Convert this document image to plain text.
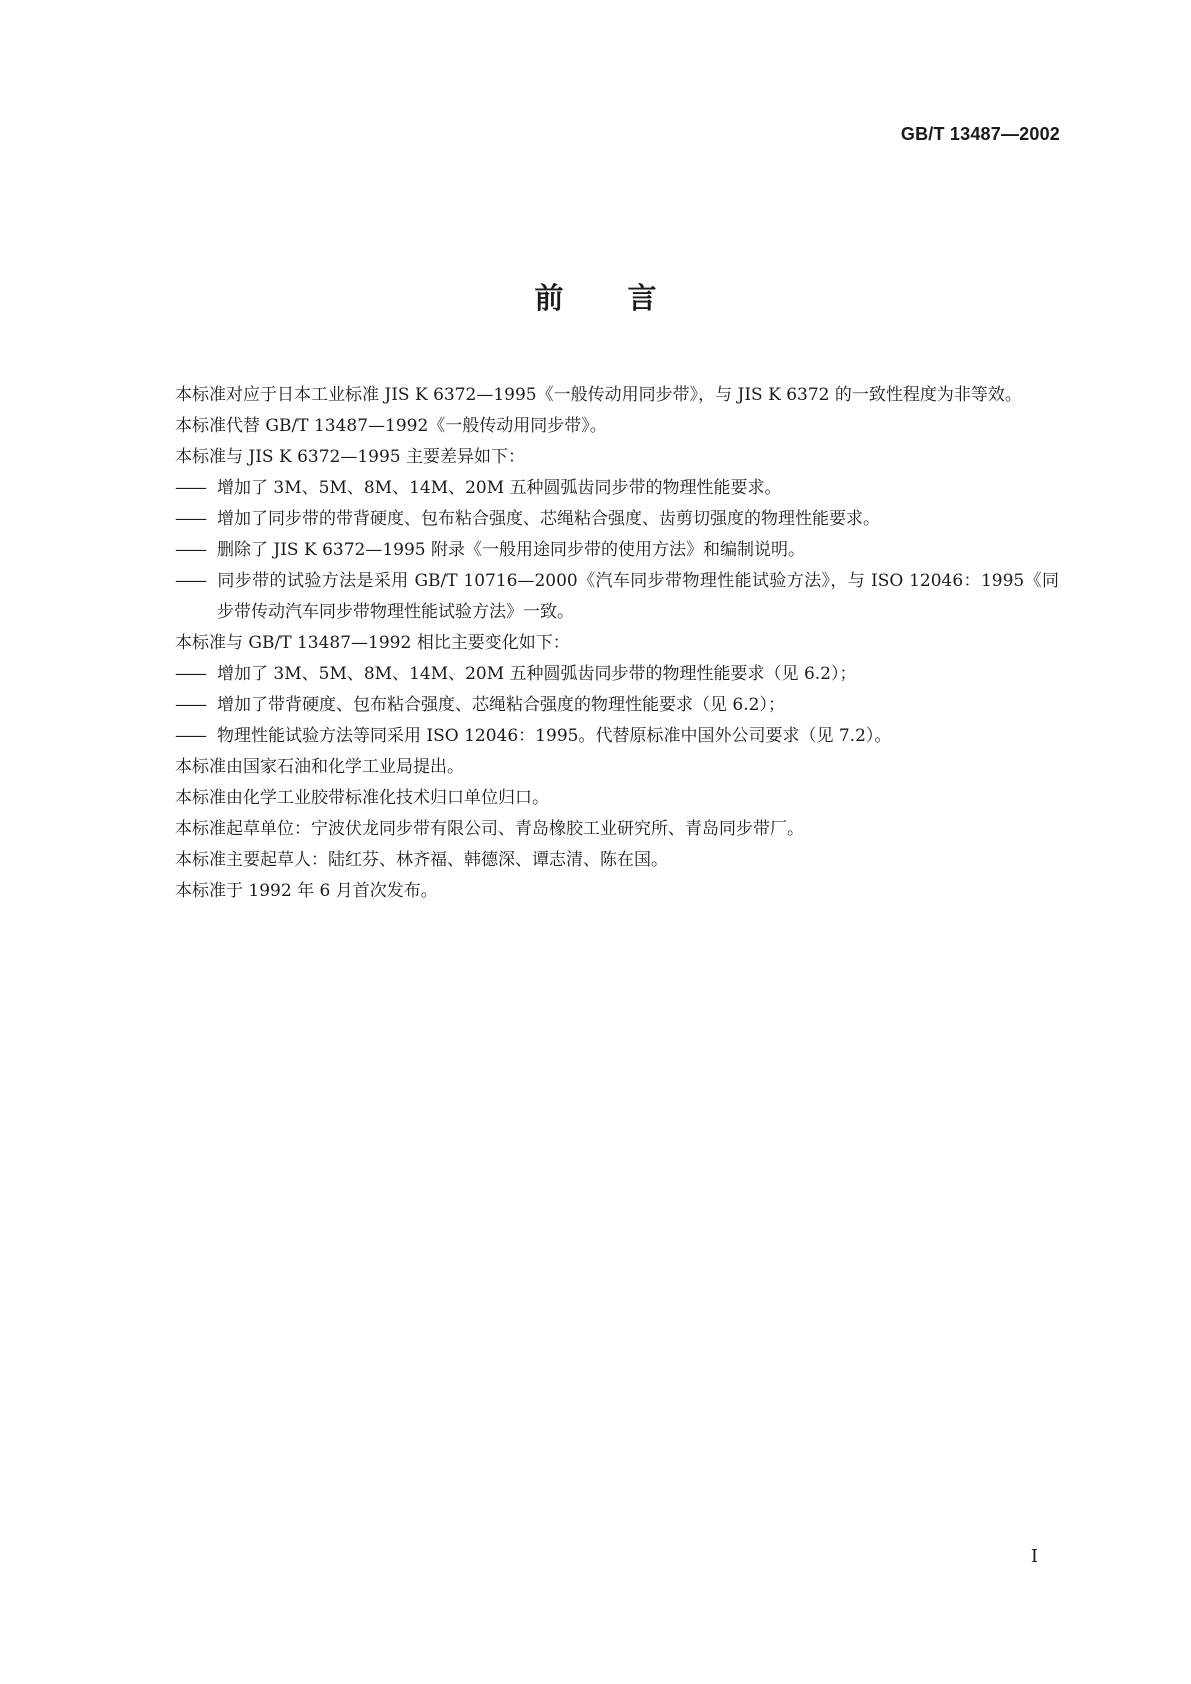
GB/T 13487—2002
前言

本标准对应于日本工业标准 JIS K 6372—1995《一般传动用同步带》，与 JIS K 6372 的一致性程度为非等效。

本标准代替 GB/T 13487—1992《一般传动用同步带》。

本标准与 JIS K 6372—1995 主要差异如下：

—— 增加了 3M、5M、8M、14M、20M 五种圆弧齿同步带的物理性能要求。

—— 增加了同步带的带背硬度、包布粘合强度、芯绳粘合强度、齿剪切强度的物理性能要求。

—— 删除了 JIS K 6372—1995 附录《一般用途同步带的使用方法》和编制说明。

—— 同步带的试验方法是采用 GB/T 10716—2000《汽车同步带物理性能试验方法》，与 ISO 12046：1995《同步带传动汽车同步带物理性能试验方法》一致。

本标准与 GB/T 13487—1992 相比主要变化如下：

—— 增加了 3M、5M、8M、14M、20M 五种圆弧齿同步带的物理性能要求（见 6.2）；

—— 增加了带背硬度、包布粘合强度、芯绳粘合强度的物理性能要求（见 6.2）；

—— 物理性能试验方法等同采用 ISO 12046：1995。代替原标准中国外公司要求（见 7.2）。

本标准由国家石油和化学工业局提出。

本标准由化学工业胶带标准化技术归口单位归口。

本标准起草单位：宁波伏龙同步带有限公司、青岛橡胶工业研究所、青岛同步带厂。

本标准主要起草人：陆红芬、林齐福、韩德深、谭志清、陈在国。

本标准于 1992 年 6 月首次发布。

I
